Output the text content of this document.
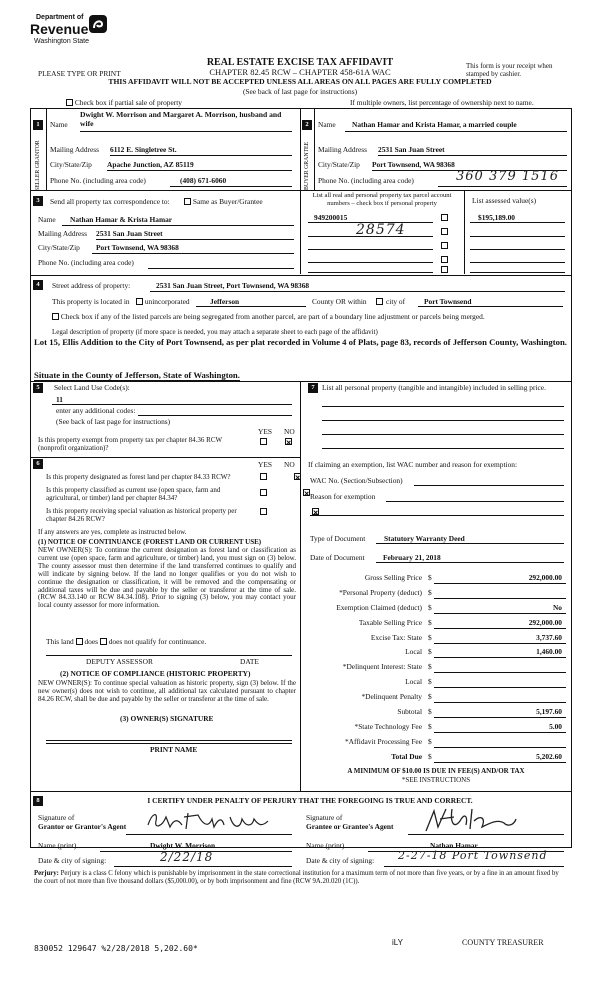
Department of
Revenue
Washington State
REAL ESTATE EXCISE TAX AFFIDAVIT
CHAPTER 82.45 RCW – CHAPTER 458-61A WAC
THIS AFFIDAVIT WILL NOT BE ACCEPTED UNLESS ALL AREAS ON ALL PAGES ARE FULLY COMPLETED
(See back of last page for instructions)
PLEASE TYPE OR PRINT
This form is your receipt when stamped by cashier.
Check box if partial sale of property	If multiple owners, list percentage of ownership next to name.
1
SELLER GRANTOR
Name
Dwight W. Morrison and Margaret A. Morrison, husband and wife
Mailing Address 6112 E. Singletree St.
City/State/Zip Apache Junction, AZ 85119
Phone No. (including area code)	(408) 671-6060
2
BUYER GRANTEE
Name Nathan Hamar and Krista Hamar, a married couple
Mailing Address 2531 San Juan Street
City/State/Zip Port Townsend, WA 98368
Phone No. (including area code)	360 379 1516
3	Send all property tax correspondence to:	Same as Buyer/Grantee
List all real and personal property tax parcel account numbers – check box if personal property	List assessed value(s)
Name Nathan Hamar & Krista Hamar
Mailing Address 2531 San Juan Street
City/State/Zip Port Townsend, WA 98368
Phone No. (including area code)
949200015	$195,189.00
28574
4	Street address of property:	2531 San Juan Street, Port Townsend, WA 98368
This property is located in	unincorporated	Jefferson	County OR within	city of	Port Townsend
Check box if any of the listed parcels are being segregated from another parcel, are part of a boundary line adjustment or parcels being merged.
Legal description of property (if more space is needed, you may attach a separate sheet to each page of the affidavit)
Lot 15, Ellis Addition to the City of Port Townsend, as per plat recorded in Volume 4 of Plats, page 83, records of Jefferson County, Washington.
Situate in the County of Jefferson, State of Washington.
5	Select Land Use Code(s):
11
enter any additional codes:
(See back of last page for instructions)
YES NO
Is this property exempt from property tax per chapter 84.36 RCW (nonprofit organization)?

6	YES NO
Is this property designated as forest land per chapter 84.33 RCW?

Is this property classified as current use (open space, farm and agricultural, or timber) land per chapter 84.34?

Is this property receiving special valuation as historical property per chapter 84.26 RCW?
If any answers are yes, complete as instructed below.
(1) NOTICE OF CONTINUANCE (FOREST LAND OR CURRENT USE)
NEW OWNER(S): To continue the current designation as forest land or classification as current use (open space, farm and agriculture, or timber) land, you must sign on (3) below. The county assessor must then determine if the land transferred continues to qualify and will indicate by signing below. If the land no longer qualifies or you do not wish to continue the designation or classification, it will be removed and the compensating or additional taxes will be due and payable by the seller or transferor at the time of sale. (RCW 84.33.140 or RCW 84.34.108). Prior to signing (3) below, you may contact your local county assessor for more information.
This land does does not qualify for continuance.
DEPUTY ASSESSOR	DATE
(2) NOTICE OF COMPLIANCE (HISTORIC PROPERTY)
NEW OWNER(S): To continue special valuation as historic property, sign (3) below. If the new owner(s) does not wish to continue, all additional tax calculated pursuant to chapter 84.26 RCW, shall be due and payable by the seller or transferor at the time of sale.
(3) OWNER(S) SIGNATURE
PRINT NAME
7 List all personal property (tangible and intangible) included in selling price.
If claiming an exemption, list WAC number and reason for exemption:
WAC No. (Section/Subsection)
Reason for exemption
Type of Document	Statutory Warranty Deed
Date of Document February 21, 2018
Gross Selling Price $	292,000.00
*Personal Property (deduct) $
Exemption Claimed (deduct) $	No
Taxable Selling Price $	292,000.00
Excise Tax: State $	3,737.60
Local $	1,460.00
*Delinquent Interest: State $
Local $
*Delinquent Penalty $
Subtotal $	5,197.60
*State Technology Fee $	5.00
*Affidavit Processing Fee $
Total Due $	5,202.60
A MINIMUM OF $10.00 IS DUE IN FEE(S) AND/OR TAX
*SEE INSTRUCTIONS
8	I CERTIFY UNDER PENALTY OF PERJURY THAT THE FOREGOING IS TRUE AND CORRECT.
Signature of
Grantor or Grantor's Agent
Signature of
Grantee or Grantee's Agent
Name (print)	Dwight W. Morrison	Name (print)	Nathan Hamar
Date & city of signing:	2/22/18	Date & city of signing: 2-27-18 Port Townsend
Perjury: Perjury is a class C felony which is punishable by imprisonment in the state correctional institution for a maximum term of not more than five years, or by a fine in an amount fixed by the court of not more than five thousand dollars ($5,000.00), or by both imprisonment and fine (RCW 9A.20.020 (1C)).
830052 129647 %2/28/2018 5,202.60*
iLY	COUNTY TREASURER
